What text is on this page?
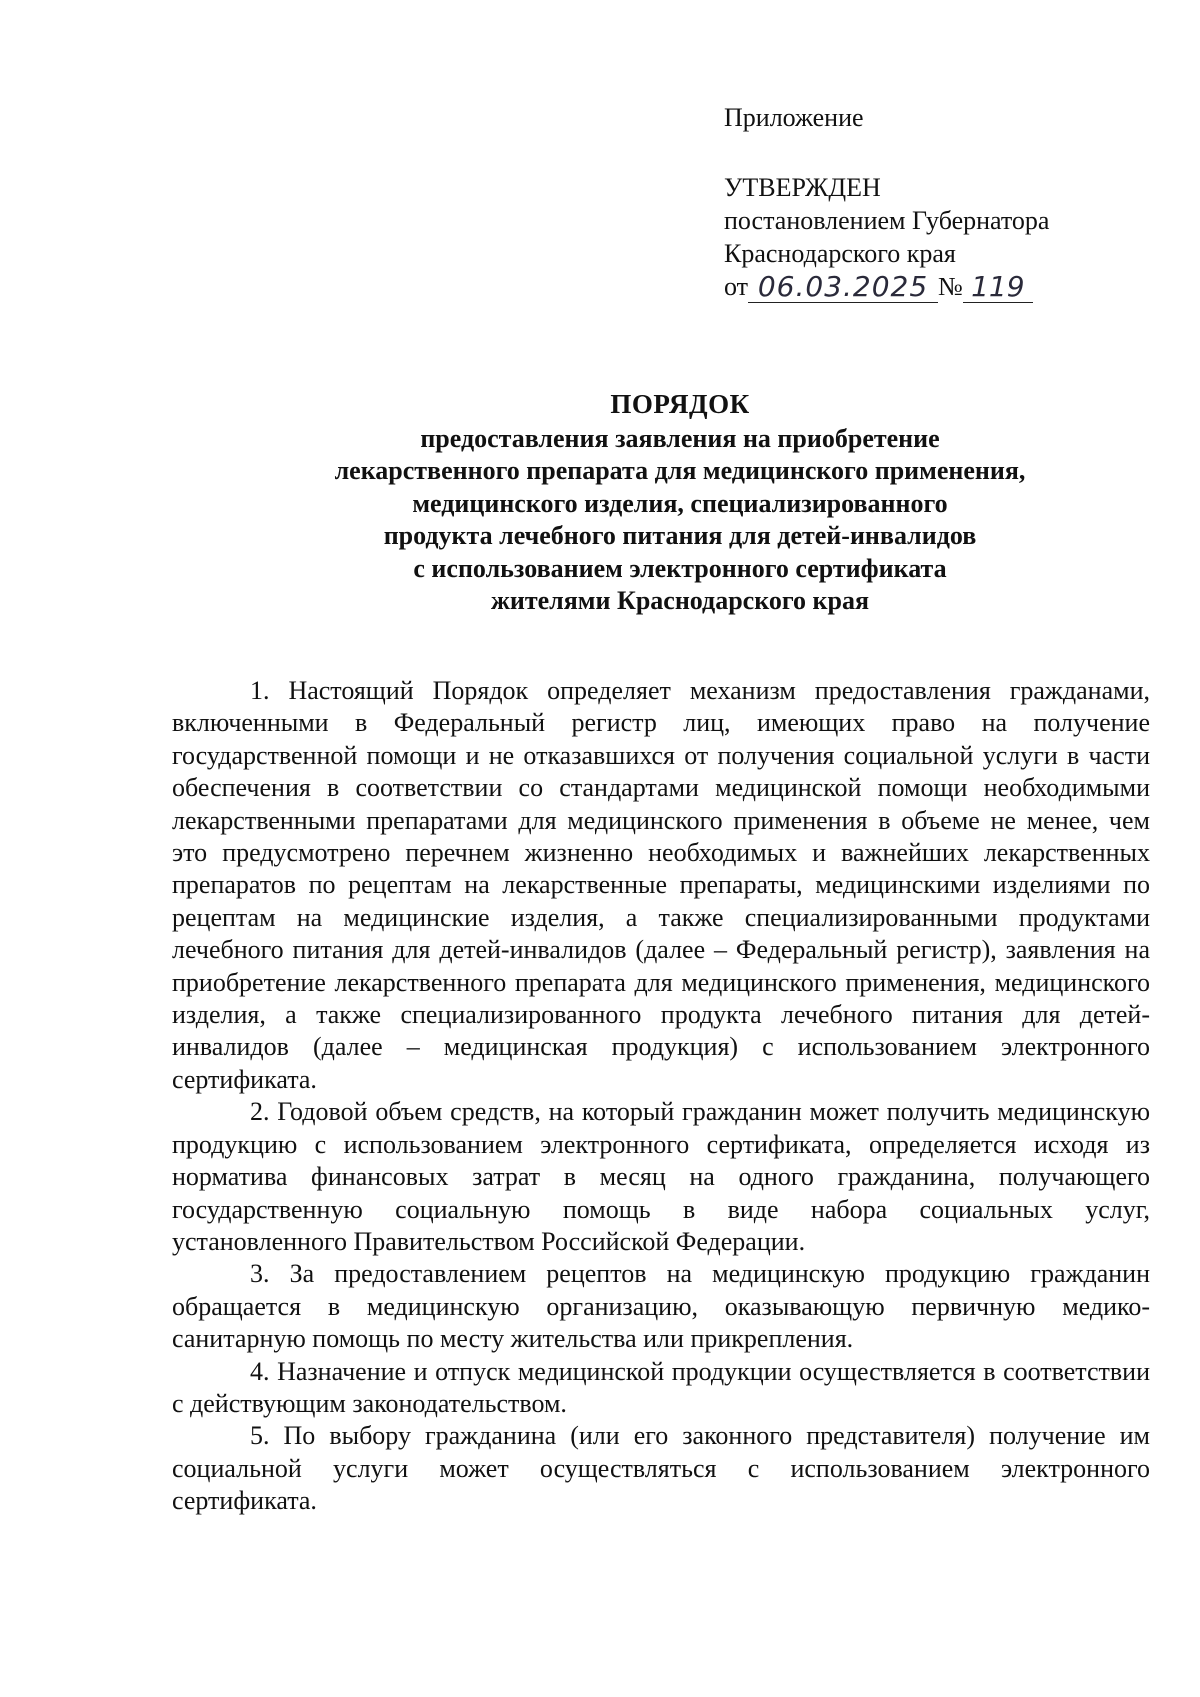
Приложение
УТВЕРЖДЕН
постановлением Губернатора
Краснодарского края
от 06.03.2025 № 119
ПОРЯДОК
предоставления заявления на приобретение
лекарственного препарата для медицинского применения,
медицинского изделия, специализированного
продукта лечебного питания для детей-инвалидов
с использованием электронного сертификата
жителями Краснодарского края

1. Настоящий Порядок определяет механизм предоставления гражданами, включенными в Федеральный регистр лиц, имеющих право на получение государственной помощи и не отказавшихся от получения социальной услуги в части обеспечения в соответствии со стандартами медицинской помощи необходимыми лекарственными препаратами для медицинского применения в объеме не менее, чем это предусмотрено перечнем жизненно необходимых и важнейших лекарственных препаратов по рецептам на лекарственные препараты, медицинскими изделиями по рецептам на медицинские изделия, а также специализированными продуктами лечебного питания для детей-инвалидов (далее – Федеральный регистр), заявления на приобретение лекарственного препарата для медицинского применения, медицинского изделия, а также специализированного продукта лечебного питания для детей-инвалидов (далее – медицинская продукция) с использованием электронного сертификата.

2. Годовой объем средств, на который гражданин может получить медицинскую продукцию с использованием электронного сертификата, определяется исходя из норматива финансовых затрат в месяц на одного гражданина, получающего государственную социальную помощь в виде набора социальных услуг, установленного Правительством Российской Федерации.

3. За предоставлением рецептов на медицинскую продукцию гражданин обращается в медицинскую организацию, оказывающую первичную медико-санитарную помощь по месту жительства или прикрепления.

4. Назначение и отпуск медицинской продукции осуществляется в соответствии с действующим законодательством.

5. По выбору гражданина (или его законного представителя) получение им социальной услуги может осуществляться с использованием электронного сертификата.
